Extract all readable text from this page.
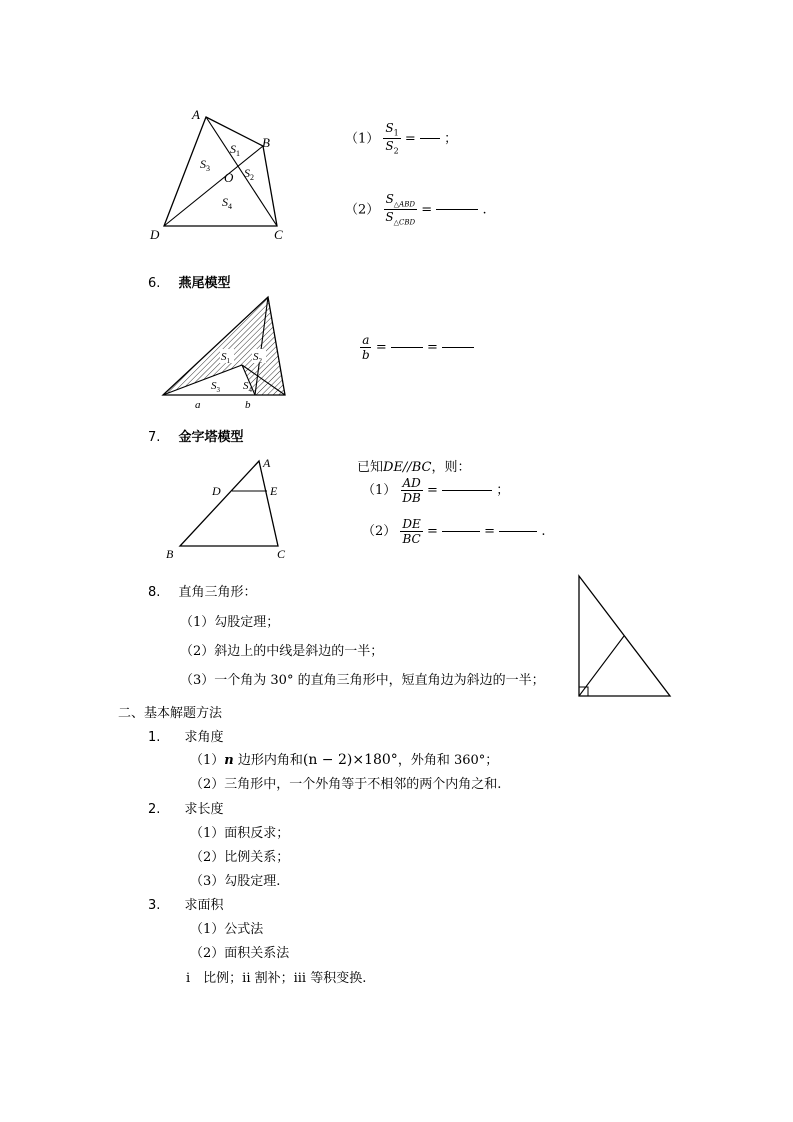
A
B
C
D
O
$S_1$
$S_2$
$S_3$
$S_4$
$(1) \frac{S_1}{S_2}$ = ；
$(2) \frac{S_{\triangle ABD}}{S_{\triangle CBD}}$ =	.
6. 燕尾模型
$S_1$ $S_2$
$S_3$ $S_4$
a	b
$\frac{a}{b}$ =	=
7. 金字塔模型
A
D	E
B	C
已知DE//BC，则：
$(1) \frac{AD}{DB}$ =	；
$(2) \frac{DE}{BC}$ =	=	.
8. 直角三角形：
（1）勾股定理；
（2）斜边上的中线是斜边的一半；
（3）一个角为 30° 的直角三角形中，短直角边为斜边的一半；
二、基本解题方法
1. 求角度
（1）n 边形内角和(n − 2)×180°，外角和 360°；
（2）三角形中，一个外角等于不相邻的两个内角之和.
2. 求长度
（1）面积反求；
（2）比例关系；
（3）勾股定理.
3. 求面积
（1）公式法
（2）面积关系法
i　比例；ii 割补；iii 等积变换.
